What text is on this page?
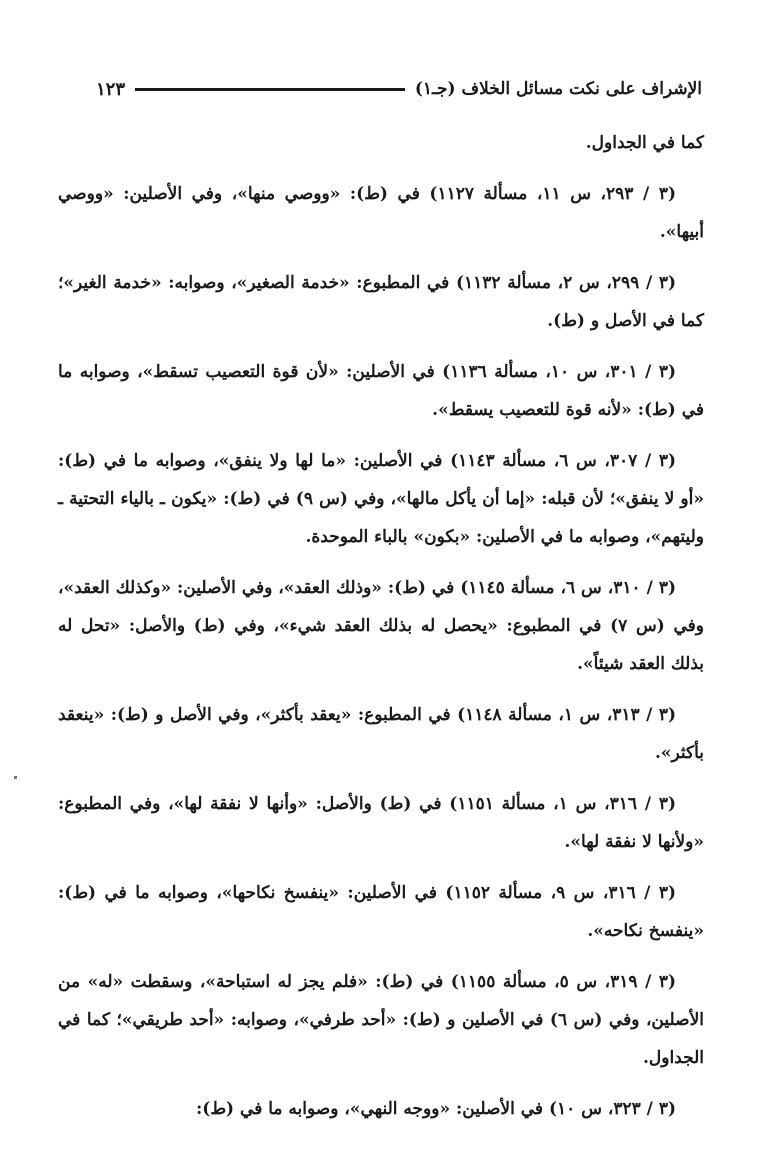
الإشراف على نكت مسائل الخلاف (جـ١)
١٢٣

كما في الجداول.

(٣ / ٢٩٣، س ١١، مسألة ١١٢٧) في (ط): «ووصي منها»، وفي الأصلين: «ووصي أبيها».

(٣ / ٢٩٩، س ٢، مسألة ١١٣٢) في المطبوع: «خدمة الصغير»، وصوابه: «خدمة الغير»؛ كما في الأصل و (ط).

(٣ / ٣٠١، س ١٠، مسألة ١١٣٦) في الأصلين: «لأن قوة التعصيب تسقط»، وصوابه ما في (ط): «لأنه قوة للتعصيب يسقط».

(٣ / ٣٠٧، س ٦، مسألة ١١٤٣) في الأصلين: «ما لها ولا ينفق»، وصوابه ما في (ط): «أو لا ينفق»؛ لأن قبله: «إما أن يأكل مالها»، وفي (س ٩) في (ط): «يكون ـ بالياء التحتية ـ وليتهم»، وصوابه ما في الأصلين: «بكون» بالباء الموحدة.

(٣ / ٣١٠، س ٦، مسألة ١١٤٥) في (ط): «وذلك العقد»، وفي الأصلين: «وكذلك العقد»، وفي (س ٧) في المطبوع: «يحصل له بذلك العقد شيء»، وفي (ط) والأصل: «تحل له بذلك العقد شيئاً».

(٣ / ٣١٣، س ١، مسألة ١١٤٨) في المطبوع: «يعقد بأكثر»، وفي الأصل و (ط): «ينعقد بأكثر».

(٣ / ٣١٦، س ١، مسألة ١١٥١) في (ط) والأصل: «وأنها لا نفقة لها»، وفي المطبوع: «ولأنها لا نفقة لها».

(٣ / ٣١٦، س ٩، مسألة ١١٥٢) في الأصلين: «ينفسخ نكاحها»، وصوابه ما في (ط): «ينفسخ نكاحه».

(٣ / ٣١٩، س ٥، مسألة ١١٥٥) في (ط): «فلم يجز له استباحة»، وسقطت «له» من الأصلين، وفي (س ٦) في الأصلين و (ط): «أحد طرفي»، وصوابه: «أحد طريقي»؛ كما في الجداول.

(٣ / ٣٢٣، س ١٠) في الأصلين: «ووجه النهي»، وصوابه ما في (ط):
